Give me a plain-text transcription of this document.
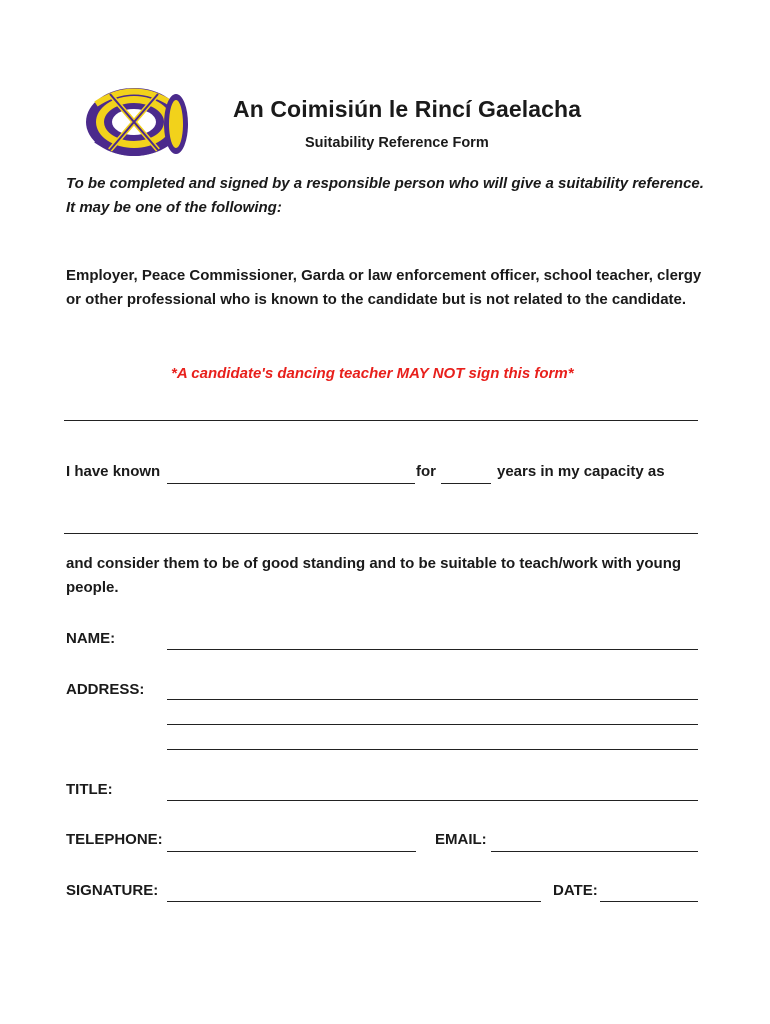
An Coimisiún le Rincí Gaelacha
Suitability Reference Form
To be completed and signed by a responsible person who will give a suitability reference. It may be one of the following:
Employer, Peace Commissioner, Garda or law enforcement officer, school teacher, clergy or other professional who is known to the candidate but is not related to the candidate.
*A candidate's dancing teacher MAY NOT sign this form*
I have known	for	years in my capacity as
and consider them to be of good standing and to be suitable to teach/work with young people.
NAME:
ADDRESS:
TITLE:
TELEPHONE:	EMAIL:
SIGNATURE:	DATE:
